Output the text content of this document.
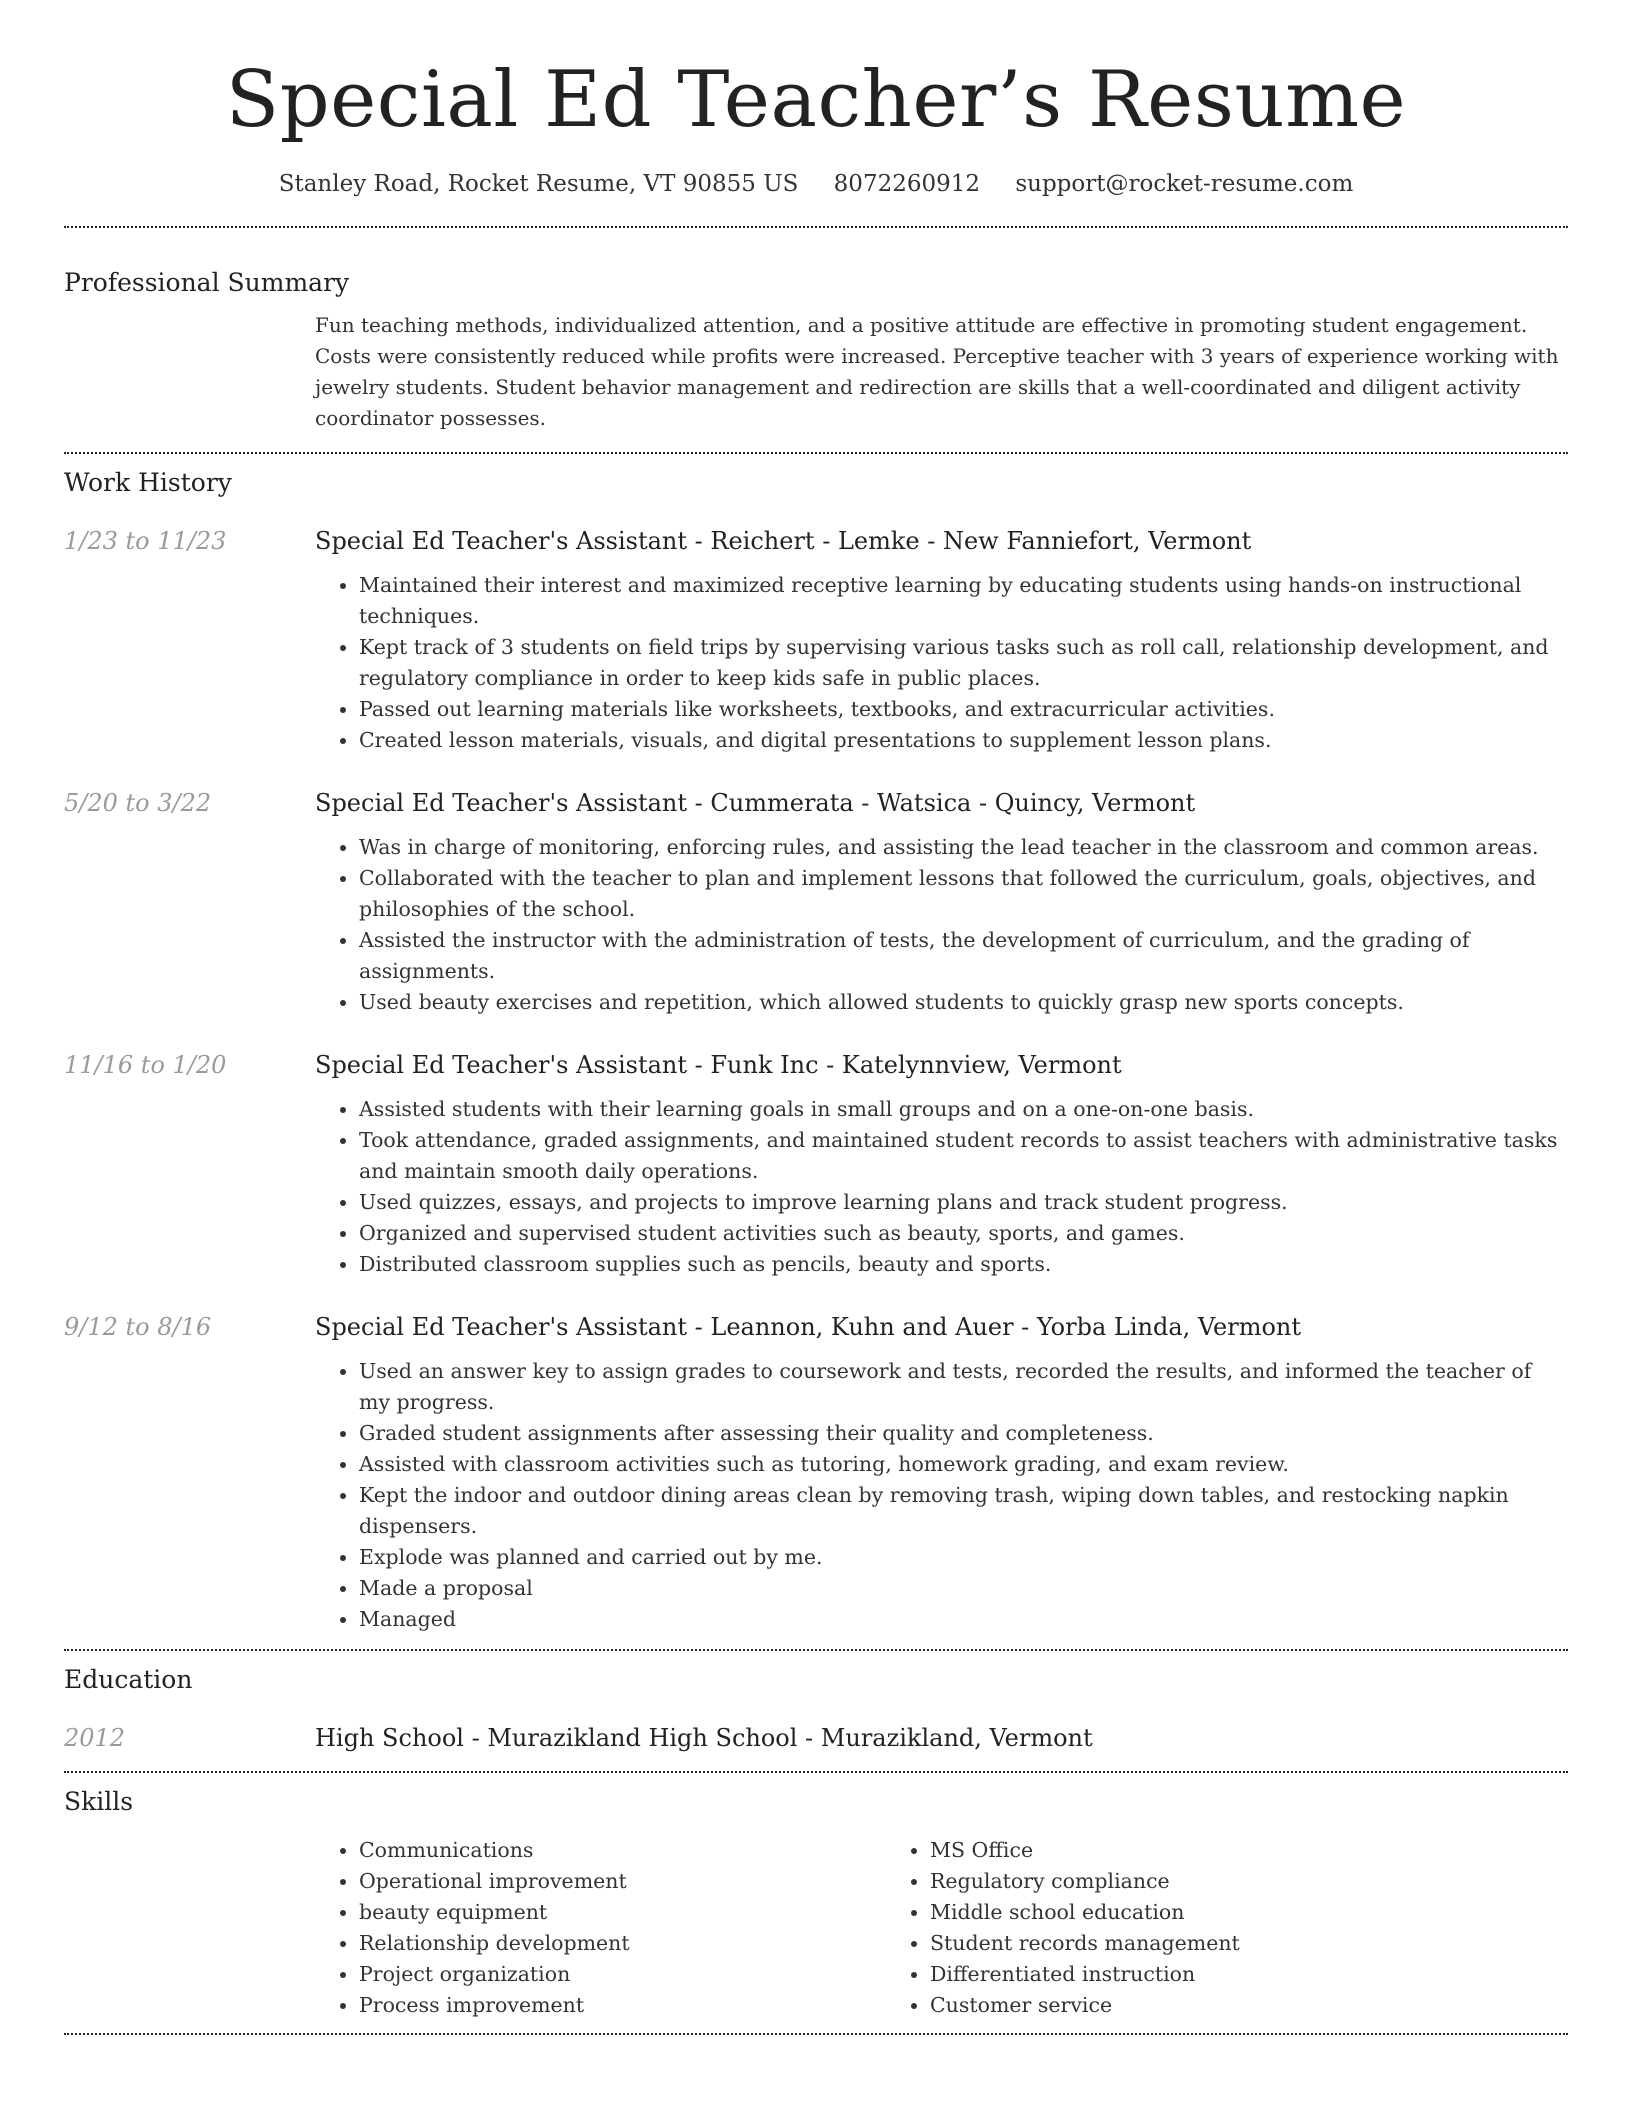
Special Ed Teacher’s Resume
Stanley Road, Rocket Resume, VT 90855 US 8072260912 support@rocket-resume.com
Professional Summary
Fun teaching methods, individualized attention, and a positive attitude are effective in promoting student engagement. Costs were consistently reduced while profits were increased. Perceptive teacher with 3 years of experience working with jewelry students. Student behavior management and redirection are skills that a well-coordinated and diligent activity coordinator possesses.
Work History
1/23 to 11/23	Special Ed Teacher's Assistant - Reichert - Lemke - New Fanniefort, Vermont
• Maintained their interest and maximized receptive learning by educating students using hands-on instructional techniques.
• Kept track of 3 students on field trips by supervising various tasks such as roll call, relationship development, and regulatory compliance in order to keep kids safe in public places.
• Passed out learning materials like worksheets, textbooks, and extracurricular activities.
• Created lesson materials, visuals, and digital presentations to supplement lesson plans.
5/20 to 3/22	Special Ed Teacher's Assistant - Cummerata - Watsica - Quincy, Vermont
• Was in charge of monitoring, enforcing rules, and assisting the lead teacher in the classroom and common areas.
• Collaborated with the teacher to plan and implement lessons that followed the curriculum, goals, objectives, and philosophies of the school.
• Assisted the instructor with the administration of tests, the development of curriculum, and the grading of assignments.
• Used beauty exercises and repetition, which allowed students to quickly grasp new sports concepts.
11/16 to 1/20	Special Ed Teacher's Assistant - Funk Inc - Katelynnview, Vermont
• Assisted students with their learning goals in small groups and on a one-on-one basis.
• Took attendance, graded assignments, and maintained student records to assist teachers with administrative tasks and maintain smooth daily operations.
• Used quizzes, essays, and projects to improve learning plans and track student progress.
• Organized and supervised student activities such as beauty, sports, and games.
• Distributed classroom supplies such as pencils, beauty and sports.
9/12 to 8/16	Special Ed Teacher's Assistant - Leannon, Kuhn and Auer - Yorba Linda, Vermont
• Used an answer key to assign grades to coursework and tests, recorded the results, and informed the teacher of my progress.
• Graded student assignments after assessing their quality and completeness.
• Assisted with classroom activities such as tutoring, homework grading, and exam review.
• Kept the indoor and outdoor dining areas clean by removing trash, wiping down tables, and restocking napkin dispensers.
• Explode was planned and carried out by me.
• Made a proposal
• Managed
Education
2012	High School - Murazikland High School - Murazikland, Vermont
Skills
• Communications
• Operational improvement
• beauty equipment
• Relationship development
• Project organization
• Process improvement
• MS Office
• Regulatory compliance
• Middle school education
• Student records management
• Differentiated instruction
• Customer service
